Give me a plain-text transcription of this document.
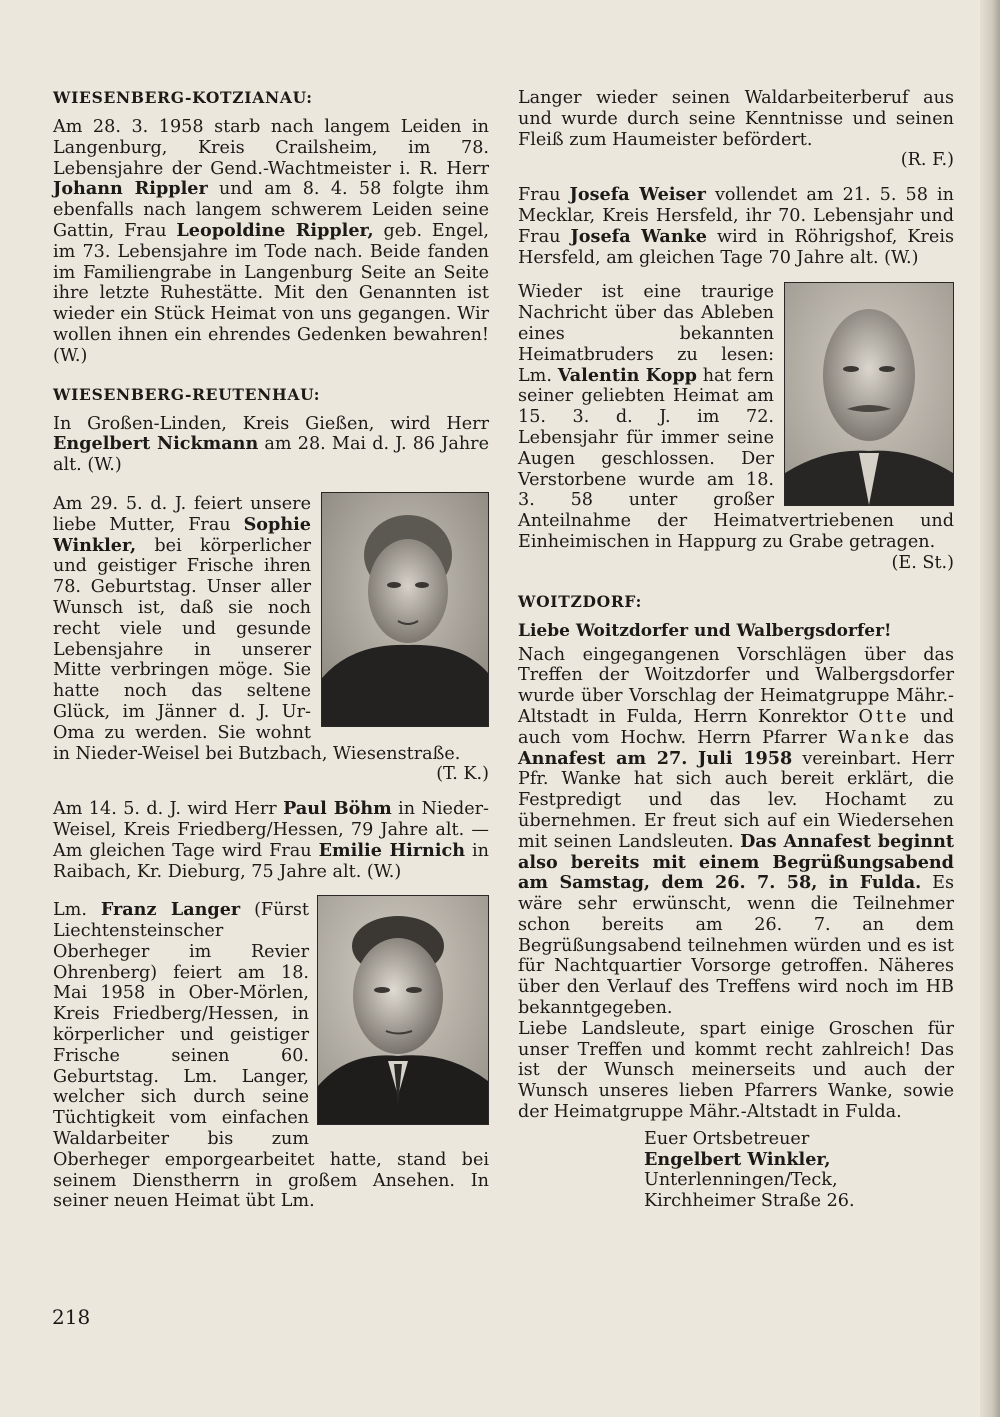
WIESENBERG-KOTZIANAU:

Am 28. 3. 1958 starb nach langem Leiden in Langenburg, Kreis Crailsheim, im 78. Lebensjahre der Gend.-Wachtmeister i. R. Herr Johann Rippler und am 8. 4. 58 folgte ihm ebenfalls nach langem schwerem Leiden seine Gattin, Frau Leopoldine Rippler, geb. Engel, im 73. Lebensjahre im Tode nach. Beide fanden im Familiengrabe in Langenburg Seite an Seite ihre letzte Ruhestätte. Mit den Genannten ist wieder ein Stück Heimat von uns gegangen. Wir wollen ihnen ein ehrendes Gedenken bewahren! (W.)

WIESENBERG-REUTENHAU:

In Großen-Linden, Kreis Gießen, wird Herr Engelbert Nickmann am 28. Mai d. J. 86 Jahre alt. (W.)

Am 29. 5. d. J. feiert unsere liebe Mutter, Frau Sophie Winkler, bei körperlicher und geistiger Frische ihren 78. Geburtstag. Unser aller Wunsch ist, daß sie noch recht viele und gesunde Lebensjahre in unserer Mitte verbringen möge. Sie hatte noch das seltene Glück, im Jänner d. J. Ur-Oma zu werden. Sie wohnt in Nieder-Weisel bei Butzbach, Wiesenstraße.

(T. K.)

Am 14. 5. d. J. wird Herr Paul Böhm in Nieder-Weisel, Kreis Friedberg/Hessen, 79 Jahre alt. — Am gleichen Tage wird Frau Emilie Hirnich in Raibach, Kr. Dieburg, 75 Jahre alt. (W.)

Lm. Franz Langer (Fürst Liechtensteinscher Oberheger im Revier Ohrenberg) feiert am 18. Mai 1958 in Ober-Mörlen, Kreis Friedberg/Hessen, in körperlicher und geistiger Frische seinen 60. Geburtstag. Lm. Langer, welcher sich durch seine Tüchtigkeit vom einfachen Waldarbeiter bis zum Oberheger emporgearbeitet hatte, stand bei seinem Dienstherrn in großem Ansehen. In seiner neuen Heimat übt Lm.

Langer wieder seinen Waldarbeiterberuf aus und wurde durch seine Kenntnisse und seinen Fleiß zum Haumeister befördert.

(R. F.)

Frau Josefa Weiser vollendet am 21. 5. 58 in Mecklar, Kreis Hersfeld, ihr 70. Lebensjahr und Frau Josefa Wanke wird in Röhrigshof, Kreis Hersfeld, am gleichen Tage 70 Jahre alt. (W.)

Wieder ist eine traurige Nachricht über das Ableben eines bekannten Heimatbruders zu lesen: Lm. Valentin Kopp hat fern seiner geliebten Heimat am 15. 3. d. J. im 72. Lebensjahr für immer seine Augen geschlossen. Der Verstorbene wurde am 18. 3. 58 unter großer Anteilnahme der Heimatvertriebenen und Einheimischen in Happurg zu Grabe getragen.

(E. St.)

WOITZDORF:
Liebe Woitzdorfer und Walbergsdorfer!

Nach eingegangenen Vorschlägen über das Treffen der Woitzdorfer und Walbergsdorfer wurde über Vorschlag der Heimatgruppe Mähr.-Altstadt in Fulda, Herrn Konrektor Otte und auch vom Hochw. Herrn Pfarrer Wanke das Annafest am 27. Juli 1958 vereinbart. Herr Pfr. Wanke hat sich auch bereit erklärt, die Festpredigt und das lev. Hochamt zu übernehmen. Er freut sich auf ein Wiedersehen mit seinen Landsleuten. Das Annafest beginnt also bereits mit einem Begrüßungsabend am Samstag, dem 26. 7. 58, in Fulda. Es wäre sehr erwünscht, wenn die Teilnehmer schon bereits am 26. 7. an dem Begrüßungsabend teilnehmen würden und es ist für Nachtquartier Vorsorge getroffen. Näheres über den Verlauf des Treffens wird noch im HB bekanntgegeben.

Liebe Landsleute, spart einige Groschen für unser Treffen und kommt recht zahlreich! Das ist der Wunsch meinerseits und auch der Wunsch unseres lieben Pfarrers Wanke, sowie der Heimatgruppe Mähr.-Altstadt in Fulda.

Euer Ortsbetreuer
Engelbert Winkler,
Unterlenningen/Teck,
Kirchheimer Straße 26.
218
